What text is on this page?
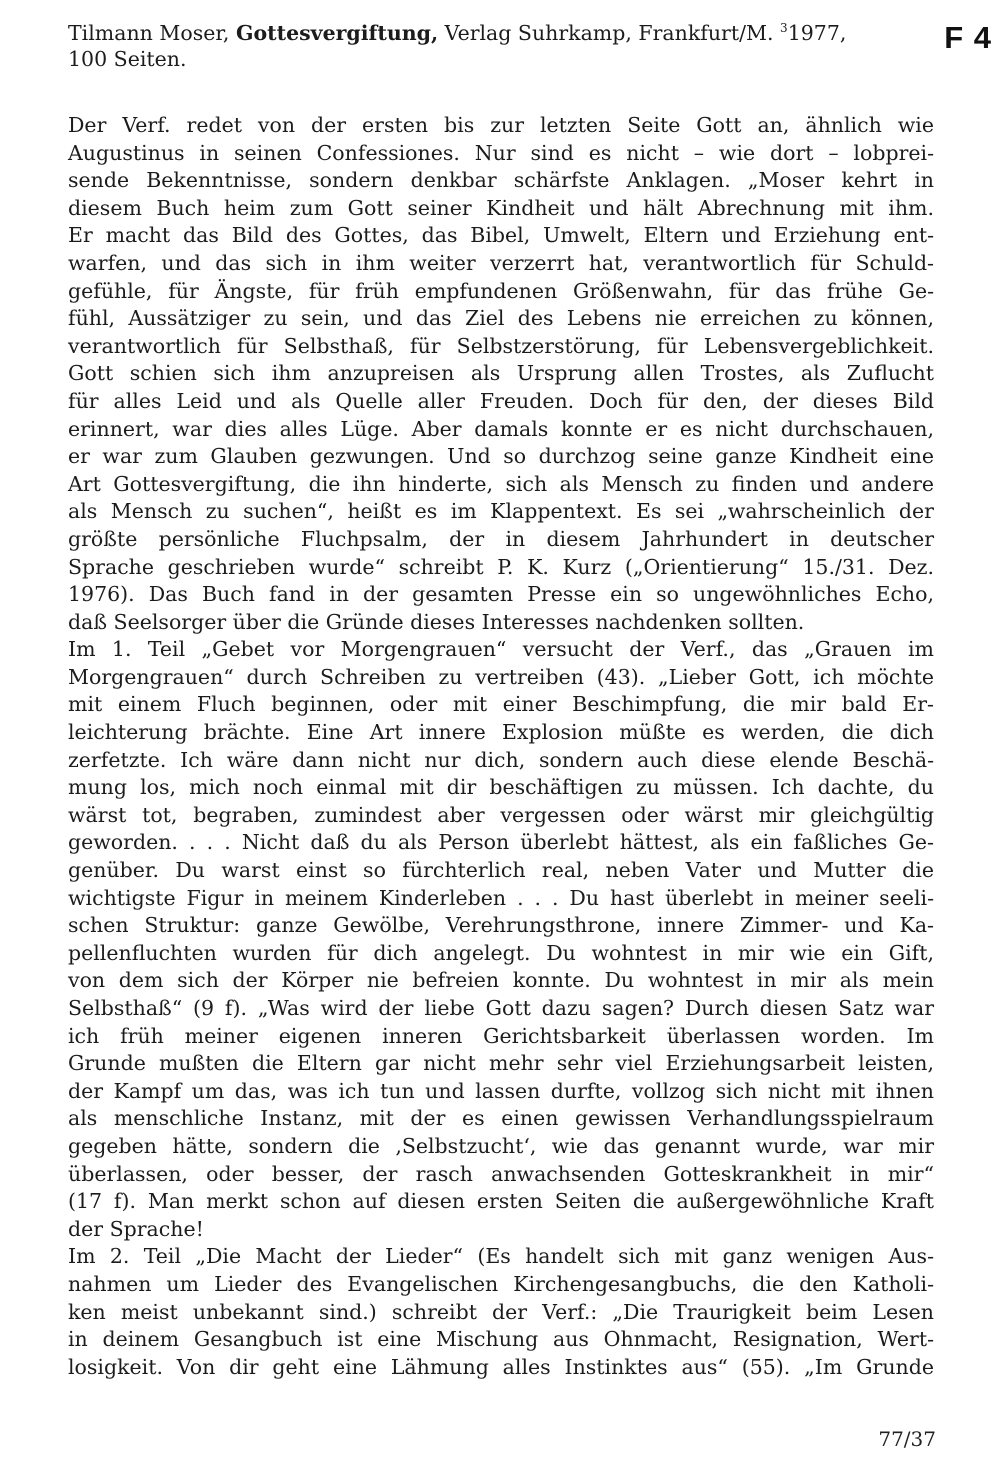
F 4
Tilmann Moser, Gottesvergiftung, Verlag Suhrkamp, Frankfurt/M. $^3$1977,
100 Seiten.
Der Verf. redet von der ersten bis zur letzten Seite Gott an, ähnlich wie
Augustinus in seinen Confessiones. Nur sind es nicht – wie dort – lobprei-
sende Bekenntnisse, sondern denkbar schärfste Anklagen. „Moser kehrt in
diesem Buch heim zum Gott seiner Kindheit und hält Abrechnung mit ihm.
Er macht das Bild des Gottes, das Bibel, Umwelt, Eltern und Erziehung ent-
warfen, und das sich in ihm weiter verzerrt hat, verantwortlich für Schuld-
gefühle, für Ängste, für früh empfundenen Größenwahn, für das frühe Ge-
fühl, Aussätziger zu sein, und das Ziel des Lebens nie erreichen zu können,
verantwortlich für Selbsthaß, für Selbstzerstörung, für Lebensvergeblichkeit.
Gott schien sich ihm anzupreisen als Ursprung allen Trostes, als Zuflucht
für alles Leid und als Quelle aller Freuden. Doch für den, der dieses Bild
erinnert, war dies alles Lüge. Aber damals konnte er es nicht durchschauen,
er war zum Glauben gezwungen. Und so durchzog seine ganze Kindheit eine
Art Gottesvergiftung, die ihn hinderte, sich als Mensch zu finden und andere
als Mensch zu suchen“, heißt es im Klappentext. Es sei „wahrscheinlich der
größte persönliche Fluchpsalm, der in diesem Jahrhundert in deutscher
Sprache geschrieben wurde“ schreibt P. K. Kurz („Orientierung“ 15./31. Dez.
1976). Das Buch fand in der gesamten Presse ein so ungewöhnliches Echo,
daß Seelsorger über die Gründe dieses Interesses nachdenken sollten.
Im 1. Teil „Gebet vor Morgengrauen“ versucht der Verf., das „Grauen im
Morgengrauen“ durch Schreiben zu vertreiben (43). „Lieber Gott, ich möchte
mit einem Fluch beginnen, oder mit einer Beschimpfung, die mir bald Er-
leichterung brächte. Eine Art innere Explosion müßte es werden, die dich
zerfetzte. Ich wäre dann nicht nur dich, sondern auch diese elende Beschä-
mung los, mich noch einmal mit dir beschäftigen zu müssen. Ich dachte, du
wärst tot, begraben, zumindest aber vergessen oder wärst mir gleichgültig
geworden. . . . Nicht daß du als Person überlebt hättest, als ein faßliches Ge-
genüber. Du warst einst so fürchterlich real, neben Vater und Mutter die
wichtigste Figur in meinem Kinderleben . . . Du hast überlebt in meiner seeli-
schen Struktur: ganze Gewölbe, Verehrungsthrone, innere Zimmer- und Ka-
pellenfluchten wurden für dich angelegt. Du wohntest in mir wie ein Gift,
von dem sich der Körper nie befreien konnte. Du wohntest in mir als mein
Selbsthaß“ (9 f). „Was wird der liebe Gott dazu sagen? Durch diesen Satz war
ich früh meiner eigenen inneren Gerichtsbarkeit überlassen worden. Im
Grunde mußten die Eltern gar nicht mehr sehr viel Erziehungsarbeit leisten,
der Kampf um das, was ich tun und lassen durfte, vollzog sich nicht mit ihnen
als menschliche Instanz, mit der es einen gewissen Verhandlungsspielraum
gegeben hätte, sondern die ‚Selbstzucht‘, wie das genannt wurde, war mir
überlassen, oder besser, der rasch anwachsenden Gotteskrankheit in mir“
(17 f). Man merkt schon auf diesen ersten Seiten die außergewöhnliche Kraft
der Sprache!
Im 2. Teil „Die Macht der Lieder“ (Es handelt sich mit ganz wenigen Aus-
nahmen um Lieder des Evangelischen Kirchengesangbuchs, die den Katholi-
ken meist unbekannt sind.) schreibt der Verf.: „Die Traurigkeit beim Lesen
in deinem Gesangbuch ist eine Mischung aus Ohnmacht, Resignation, Wert-
losigkeit. Von dir geht eine Lähmung alles Instinktes aus“ (55). „Im Grunde
77/37
